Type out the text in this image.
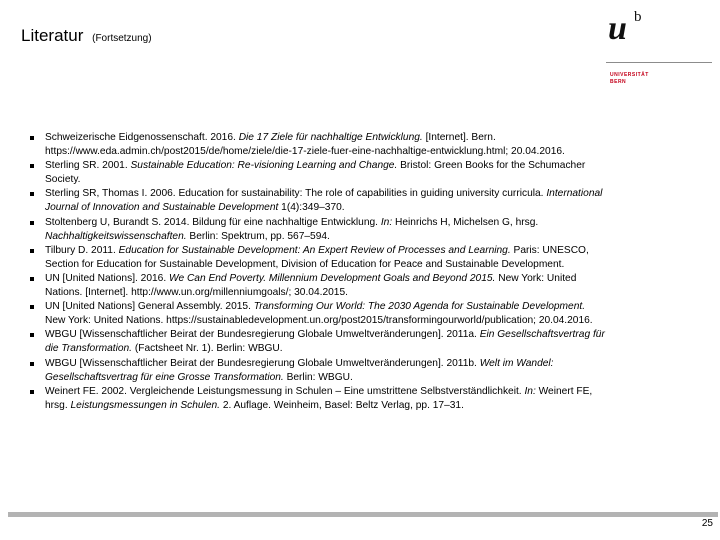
Literatur (Fortsetzung)	u b
UNIVERSITÄT
BERN
Schweizerische Eidgenossenschaft. 2016. Die 17 Ziele für nachhaltige Entwicklung. [Internet]. Bern.
https://www.eda.admin.ch/post2015/de/home/ziele/die-17-ziele-fuer-eine-nachhaltige-entwicklung.html; 20.04.2016.
Sterling SR. 2001. Sustainable Education: Re-visioning Learning and Change. Bristol: Green Books for the Schumacher
Society.
Sterling SR, Thomas I. 2006. Education for sustainability: The role of capabilities in guiding university curricula. International
Journal of Innovation and Sustainable Development 1(4):349–370.
Stoltenberg U, Burandt S. 2014. Bildung für eine nachhaltige Entwicklung. In: Heinrichs H, Michelsen G, hrsg.
Nachhaltigkeitswissenschaften. Berlin: Spektrum, pp. 567–594.
Tilbury D. 2011. Education for Sustainable Development: An Expert Review of Processes and Learning. Paris: UNESCO,
Section for Education for Sustainable Development, Division of Education for Peace and Sustainable Development.
UN [United Nations]. 2016. We Can End Poverty. Millennium Development Goals and Beyond 2015. New York: United
Nations. [Internet]. http://www.un.org/millenniumgoals/; 30.04.2015.
UN [United Nations] General Assembly. 2015. Transforming Our World: The 2030 Agenda for Sustainable Development.
New York: United Nations. https://sustainabledevelopment.un.org/post2015/transformingourworld/publication; 20.04.2016.
WBGU [Wissenschaftlicher Beirat der Bundesregierung Globale Umweltveränderungen]. 2011a. Ein Gesellschaftsvertrag für
die Transformation. (Factsheet Nr. 1). Berlin: WBGU.
WBGU [Wissenschaftlicher Beirat der Bundesregierung Globale Umweltveränderungen]. 2011b. Welt im Wandel:
Gesellschaftsvertrag für eine Grosse Transformation. Berlin: WBGU.
Weinert FE. 2002. Vergleichende Leistungsmessung in Schulen – Eine umstrittene Selbstverständlichkeit. In: Weinert FE,
hrsg. Leistungsmessungen in Schulen. 2. Auflage. Weinheim, Basel: Beltz Verlag, pp. 17–31.
25
